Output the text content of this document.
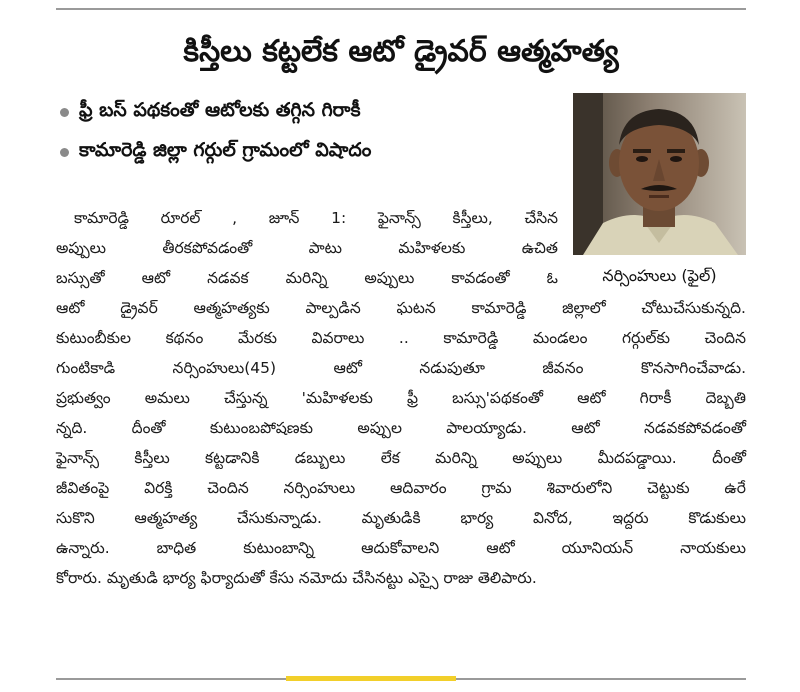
కిస్తీలు కట్టలేక ఆటో డ్రైవర్ ఆత్మహత్య
ఫ్రీ బస్ పథకంతో ఆటోలకు తగ్గిన గిరాకీ
కామారెడ్డి జిల్లా గర్గుల్ గ్రామంలో విషాదం
నర్సింహులు (ఫైల్)
కామారెడ్డి రూరల్ , జూన్ 1: ఫైనాన్స్ కిస్తీలు, చేసిన
అప్పులు తీరకపోవడంతో పాటు మహిళలకు ఉచిత
బస్సుతో ఆటో నడవక మరిన్ని అప్పులు కావడంతో ఓ
ఆటో డ్రైవర్ ఆత్మహత్యకు పాల్పడిన ఘటన కామారెడ్డి జిల్లాలో చోటుచేసుకున్నది.
కుటుంబీకుల కథనం మేరకు వివరాలు .. కామారెడ్డి మండలం గర్గుల్‌కు చెందిన
గుంటికాడి నర్సింహులు(45) ఆటో నడుపుతూ జీవనం కొనసాగించేవాడు.
ప్రభుత్వం అమలు చేస్తున్న 'మహిళలకు ఫ్రీ బస్సు'పథకంతో ఆటో గిరాకీ దెబ్బతి
న్నది. దీంతో కుటుంబపోషణకు అప్పుల పాలయ్యాడు. ఆటో నడవకపోవడంతో
ఫైనాన్స్ కిస్తీలు కట్టడానికి డబ్బులు లేక మరిన్ని అప్పులు మీదపడ్డాయి. దీంతో
జీవితంపై విరక్తి చెందిన నర్సింహులు ఆదివారం గ్రామ శివారులోని చెట్టుకు ఉరే
సుకొని ఆత్మహత్య చేసుకున్నాడు. మృతుడికి భార్య వినోద, ఇద్దరు కొడుకులు
ఉన్నారు. బాధిత కుటుంబాన్ని ఆదుకోవాలని ఆటో యూనియన్ నాయకులు
కోరారు. మృతుడి భార్య ఫిర్యాదుతో కేసు నమోదు చేసినట్టు ఎస్సై రాజు తెలిపారు.
